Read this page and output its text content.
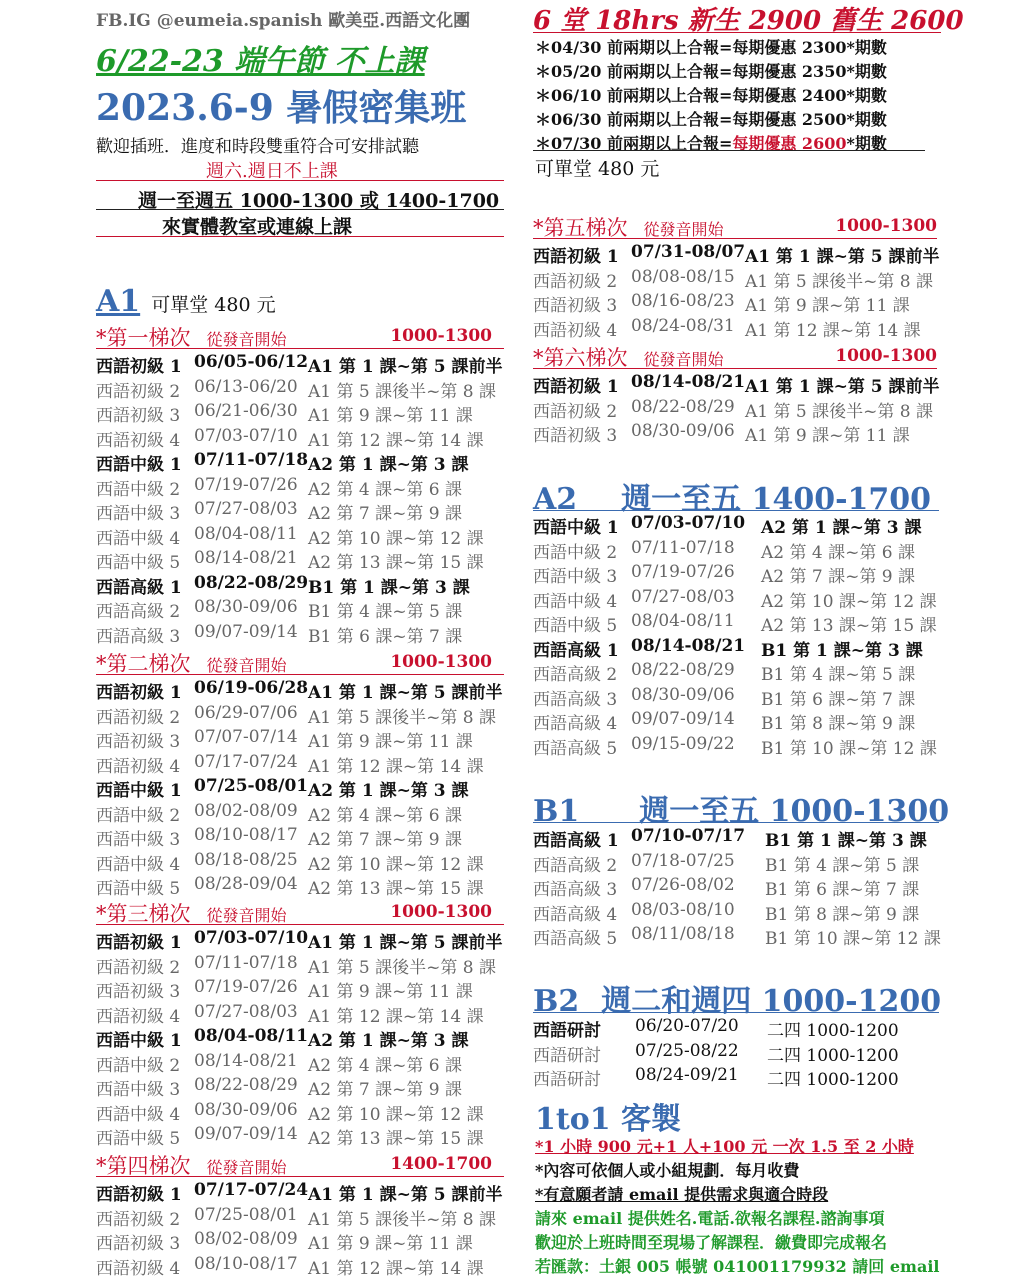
FB.IG @eumeia.spanish 歐美亞.西語文化團
6/22-23 端午節 不上課
2023.6-9 暑假密集班
歡迎插班．進度和時段雙重符合可安排試聽
週六.週日不上課
週一至週五 1000-1300 或 1400-1700
來實體教室或連線上課
A1 可單堂 480 元
*第一梯次 從發音開始	1000-1300
西語初級 1 06/05-06/12 A1 第 1 課~第 5 課前半
西語初級 2 06/13-06/20 A1 第 5 課後半~第 8 課
西語初級 3 06/21-06/30 A1 第 9 課~第 11 課
西語初級 4 07/03-07/10 A1 第 12 課~第 14 課
西語中級 1 07/11-07/18 A2 第 1 課~第 3 課
西語中級 2 07/19-07/26 A2 第 4 課~第 6 課
西語中級 3 07/27-08/03 A2 第 7 課~第 9 課
西語中級 4 08/04-08/11 A2 第 10 課~第 12 課
西語中級 5 08/14-08/21 A2 第 13 課~第 15 課
西語高級 1 08/22-08/29 B1 第 1 課~第 3 課
西語高級 2 08/30-09/06 B1 第 4 課~第 5 課
西語高級 3 09/07-09/14 B1 第 6 課~第 7 課
*第二梯次 從發音開始	1000-1300
西語初級 1 06/19-06/28 A1 第 1 課~第 5 課前半
西語初級 2 06/29-07/06 A1 第 5 課後半~第 8 課
西語初級 3 07/07-07/14 A1 第 9 課~第 11 課
西語初級 4 07/17-07/24 A1 第 12 課~第 14 課
西語中級 1 07/25-08/01 A2 第 1 課~第 3 課
西語中級 2 08/02-08/09 A2 第 4 課~第 6 課
西語中級 3 08/10-08/17 A2 第 7 課~第 9 課
西語中級 4 08/18-08/25 A2 第 10 課~第 12 課
西語中級 5 08/28-09/04 A2 第 13 課~第 15 課
*第三梯次 從發音開始	1000-1300
西語初級 1 07/03-07/10 A1 第 1 課~第 5 課前半
西語初級 2 07/11-07/18 A1 第 5 課後半~第 8 課
西語初級 3 07/19-07/26 A1 第 9 課~第 11 課
西語初級 4 07/27-08/03 A1 第 12 課~第 14 課
西語中級 1 08/04-08/11 A2 第 1 課~第 3 課
西語中級 2 08/14-08/21 A2 第 4 課~第 6 課
西語中級 3 08/22-08/29 A2 第 7 課~第 9 課
西語中級 4 08/30-09/06 A2 第 10 課~第 12 課
西語中級 5 09/07-09/14 A2 第 13 課~第 15 課
*第四梯次 從發音開始	1400-1700
西語初級 1 07/17-07/24 A1 第 1 課~第 5 課前半
西語初級 2 07/25-08/01 A1 第 5 課後半~第 8 課
西語初級 3 08/02-08/09 A1 第 9 課~第 11 課
西語初級 4 08/10-08/17 A1 第 12 課~第 14 課
6 堂 18hrs 新生 2900 舊生 2600
＊04/30 前兩期以上合報=每期優惠 2300*期數
＊05/20 前兩期以上合報=每期優惠 2350*期數
＊06/10 前兩期以上合報=每期優惠 2400*期數
＊06/30 前兩期以上合報=每期優惠 2500*期數
＊07/30 前兩期以上合報=每期優惠 2600*期數
可單堂 480 元
*第五梯次 從發音開始	1000-1300
西語初級 1 07/31-08/07 A1 第 1 課~第 5 課前半
西語初級 2 08/08-08/15 A1 第 5 課後半~第 8 課
西語初級 3 08/16-08/23 A1 第 9 課~第 11 課
西語初級 4 08/24-08/31 A1 第 12 課~第 14 課
*第六梯次 從發音開始	1000-1300
西語初級 1 08/14-08/21 A1 第 1 課~第 5 課前半
西語初級 2 08/22-08/29 A1 第 5 課後半~第 8 課
西語初級 3 08/30-09/06 A1 第 9 課~第 11 課
A2 週一至五 1400-1700
西語中級 1 07/03-07/10 A2 第 1 課~第 3 課
西語中級 2 07/11-07/18 A2 第 4 課~第 6 課
西語中級 3 07/19-07/26 A2 第 7 課~第 9 課
西語中級 4 07/27-08/03 A2 第 10 課~第 12 課
西語中級 5 08/04-08/11 A2 第 13 課~第 15 課
西語高級 1 08/14-08/21 B1 第 1 課~第 3 課
西語高級 2 08/22-08/29 B1 第 4 課~第 5 課
西語高級 3 08/30-09/06 B1 第 6 課~第 7 課
西語高級 4 09/07-09/14 B1 第 8 課~第 9 課
西語高級 5 09/15-09/22 B1 第 10 課~第 12 課
B1 週一至五 1000-1300
西語高級 1 07/10-07/17 B1 第 1 課~第 3 課
西語高級 2 07/18-07/25 B1 第 4 課~第 5 課
西語高級 3 07/26-08/02 B1 第 6 課~第 7 課
西語高級 4 08/03-08/10 B1 第 8 課~第 9 課
西語高級 5 08/11/08/18 B1 第 10 課~第 12 課
B2 週二和週四 1000-1200
西語研討 06/20-07/20 二四 1000-1200
西語研討 07/25-08/22 二四 1000-1200
西語研討 08/24-09/21 二四 1000-1200
1to1 客製
*1 小時 900 元+1 人+100 元 一次 1.5 至 2 小時
*內容可依個人或小組規劃．每月收費
*有意願者請 email 提供需求與適合時段
請來 email 提供姓名.電話.欲報名課程.諮詢事項
歡迎於上班時間至現場了解課程．繳費即完成報名
若匯款：土銀 005 帳號 041001179932 請回 email
